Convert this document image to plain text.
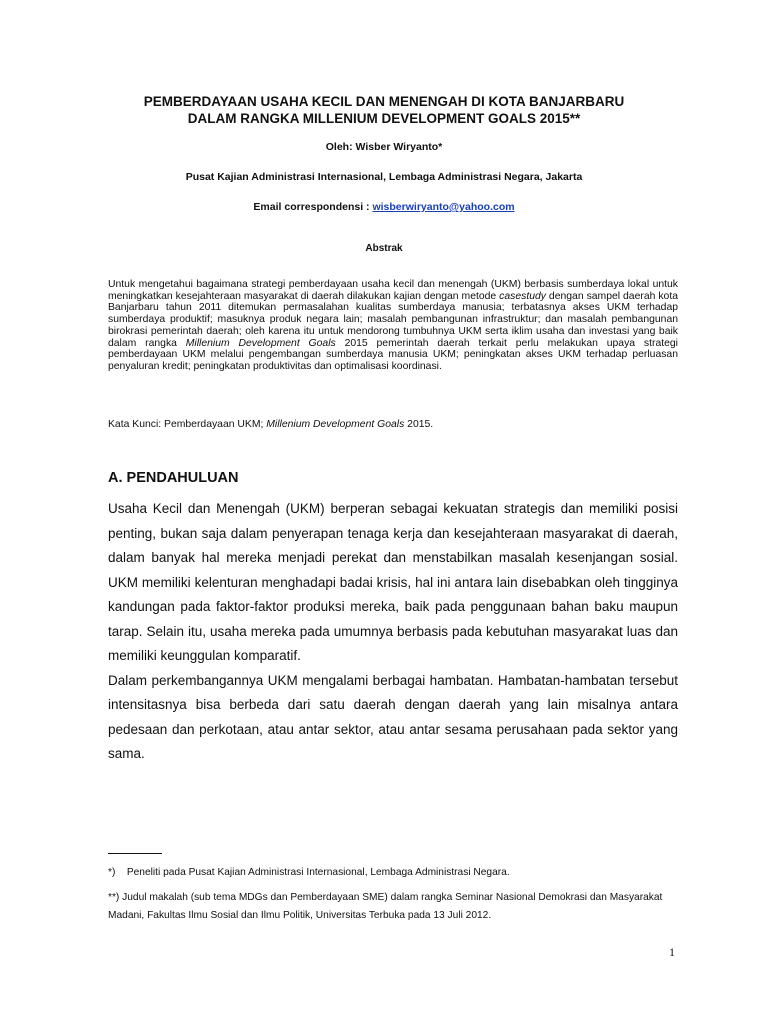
PEMBERDAYAAN USAHA KECIL DAN MENENGAH DI KOTA BANJARBARU
DALAM RANGKA MILLENIUM DEVELOPMENT GOALS 2015**
Oleh: Wisber Wiryanto*
Pusat Kajian Administrasi Internasional, Lembaga Administrasi Negara, Jakarta
Email correspondensi : wisberwiryanto@yahoo.com
Abstrak
Untuk mengetahui bagaimana strategi pemberdayaan usaha kecil dan menengah (UKM) berbasis sumberdaya lokal untuk meningkatkan kesejahteraan masyarakat di daerah dilakukan kajian dengan metode casestudy dengan sampel daerah kota Banjarbaru tahun 2011 ditemukan permasalahan kualitas sumberdaya manusia; terbatasnya akses UKM terhadap sumberdaya produktif; masuknya produk negara lain; masalah pembangunan infrastruktur; dan masalah pembangunan birokrasi pemerintah daerah; oleh karena itu untuk mendorong tumbuhnya UKM serta iklim usaha dan investasi yang baik dalam rangka Millenium Development Goals 2015 pemerintah daerah terkait perlu melakukan upaya strategi pemberdayaan UKM melalui pengembangan sumberdaya manusia UKM; peningkatan akses UKM terhadap perluasan penyaluran kredit; peningkatan produktivitas dan optimalisasi koordinasi.
Kata Kunci: Pemberdayaan UKM; Millenium Development Goals 2015.
A. PENDAHULUAN

Usaha Kecil dan Menengah (UKM) berperan sebagai kekuatan strategis dan memiliki posisi penting, bukan saja dalam penyerapan tenaga kerja dan kesejahteraan masyarakat di daerah, dalam banyak hal mereka menjadi perekat dan menstabilkan masalah kesenjangan sosial. UKM memiliki kelenturan menghadapi badai krisis, hal ini antara lain disebabkan oleh tingginya kandungan pada faktor-faktor produksi mereka, baik pada penggunaan bahan baku maupun tarap. Selain itu, usaha mereka pada umumnya berbasis pada kebutuhan masyarakat luas dan memiliki keunggulan komparatif.

Dalam perkembangannya UKM mengalami berbagai hambatan. Hambatan-hambatan tersebut intensitasnya bisa berbeda dari satu daerah dengan daerah yang lain misalnya antara pedesaan dan perkotaan, atau antar sektor, atau antar sesama perusahaan pada sektor yang sama.

*) Peneliti pada Pusat Kajian Administrasi Internasional, Lembaga Administrasi Negara.

**) Judul makalah (sub tema MDGs dan Pemberdayaan SME) dalam rangka Seminar Nasional Demokrasi dan Masyarakat Madani, Fakultas Ilmu Sosial dan Ilmu Politik, Universitas Terbuka pada 13 Juli 2012.

1
